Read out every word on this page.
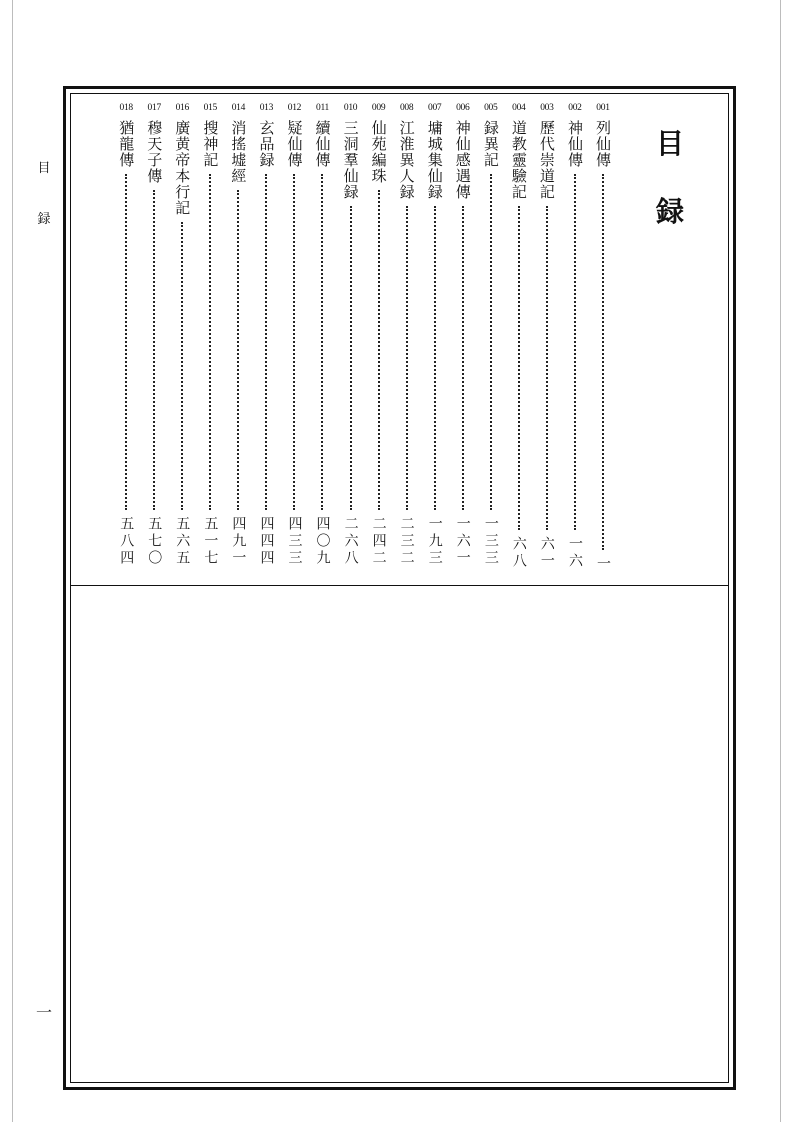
目
録
一
目
録
001
列仙傳
一
002
神仙傳
一六
003
歷代崇道記
六一
004
道教靈驗記
六八
005
録異記
一三三
006
神仙感遇傳
一六一
007
墉城集仙録
一九三
008
江淮異人録
二三二
009
仙苑編珠
二四二
010
三洞羣仙録
二六八
011
續仙傳
四〇九
012
疑仙傳
四三三
013
玄品録
四四四
014
消搖墟經
四九一
015
搜神記
五一七
016
廣黄帝本行記
五六五
017
穆天子傳
五七〇
018
猶龍傳
五八四
